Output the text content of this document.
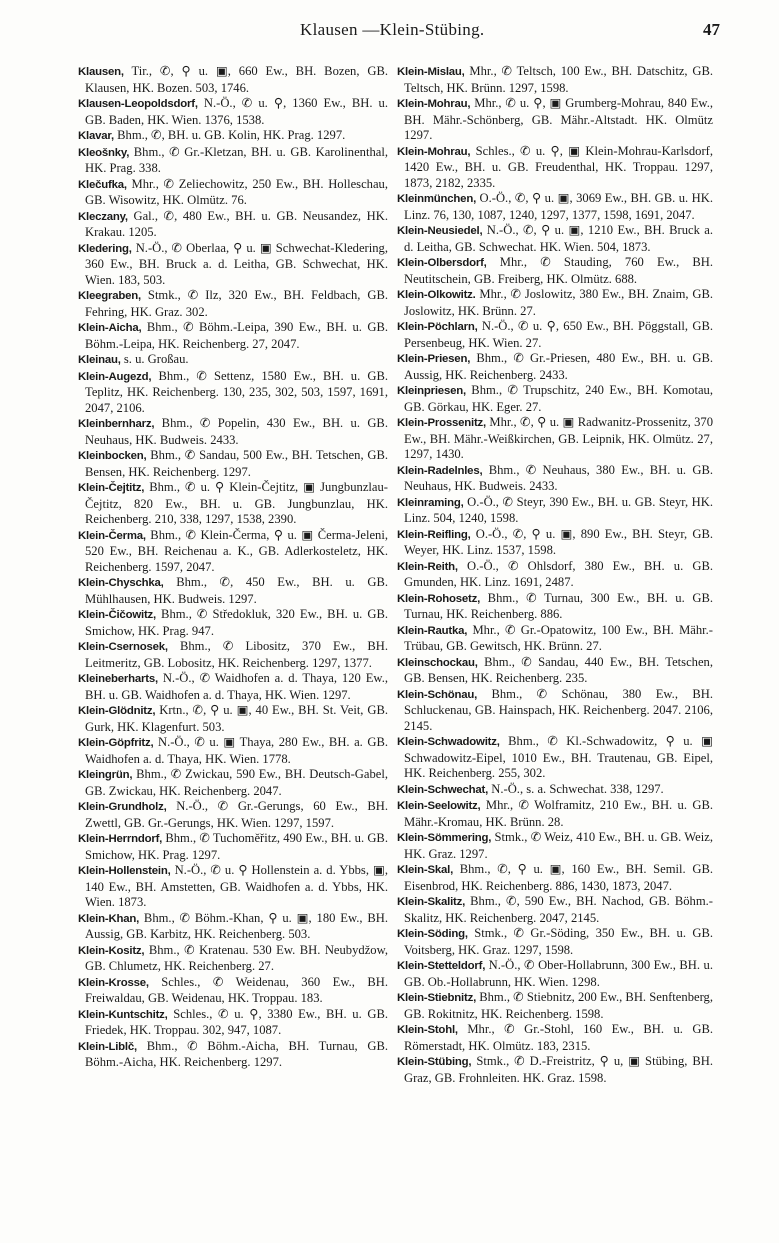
Klausen —Klein-Stübing.	47

Klausen, Tir., ✆, ⚲ u. ▣, 660 Ew., BH. Bozen, GB. Klausen, HK. Bozen. 503, 1746.

Klausen-Leopoldsdorf, N.-Ö., ✆ u. ⚲, 1360 Ew., BH. u. GB. Baden, HK. Wien. 1376, 1538.

Klavar, Bhm., ✆, BH. u. GB. Kolin, HK. Prag. 1297.

Kleošnky, Bhm., ✆ Gr.-Kletzan, BH. u. GB. Karolinenthal, HK. Prag. 338.

Klečufka, Mhr., ✆ Zeliechowitz, 250 Ew., BH. Holleschau, GB. Wisowitz, HK. Olmütz. 76.

Kleczany, Gal., ✆, 480 Ew., BH. u. GB. Neusandez, HK. Krakau. 1205.

Kledering, N.-Ö., ✆ Oberlaa, ⚲ u. ▣ Schwechat-Kledering, 360 Ew., BH. Bruck a. d. Leitha, GB. Schwechat, HK. Wien. 183, 503.

Kleegraben, Stmk., ✆ Ilz, 320 Ew., BH. Feldbach, GB. Fehring, HK. Graz. 302.

Klein-Aicha, Bhm., ✆ Böhm.-Leipa, 390 Ew., BH. u. GB. Böhm.-Leipa, HK. Reichenberg. 27, 2047.

Kleinau, s. u. Großau.

Klein-Augezd, Bhm., ✆ Settenz, 1580 Ew., BH. u. GB. Teplitz, HK. Reichenberg. 130, 235, 302, 503, 1597, 1691, 2047, 2106.

Kleinbernharz, Bhm., ✆ Popelin, 430 Ew., BH. u. GB. Neuhaus, HK. Budweis. 2433.

Kleinbocken, Bhm., ✆ Sandau, 500 Ew., BH. Tetschen, GB. Bensen, HK. Reichenberg. 1297.

Klein-Čejtitz, Bhm., ✆ u. ⚲ Klein-Čejtitz, ▣ Jungbunzlau-Čejtitz, 820 Ew., BH. u. GB. Jungbunzlau, HK. Reichenberg. 210, 338, 1297, 1538, 2390.

Klein-Čerma, Bhm., ✆ Klein-Čerma, ⚲ u. ▣ Čerma-Jeleni, 520 Ew., BH. Reichenau a. K., GB. Adlerkosteletz, HK. Reichenberg. 1597, 2047.

Klein-Chyschka, Bhm., ✆, 450 Ew., BH. u. GB. Mühlhausen, HK. Budweis. 1297.

Klein-Čičowitz, Bhm., ✆ Středokluk, 320 Ew., BH. u. GB. Smichow, HK. Prag. 947.

Klein-Csernosek, Bhm., ✆ Libositz, 370 Ew., BH. Leitmeritz, GB. Lobositz, HK. Reichenberg. 1297, 1377.

Kleineberharts, N.-Ö., ✆ Waidhofen a. d. Thaya, 120 Ew., BH. u. GB. Waidhofen a. d. Thaya, HK. Wien. 1297.

Klein-Glödnitz, Krtn., ✆, ⚲ u. ▣, 40 Ew., BH. St. Veit, GB. Gurk, HK. Klagenfurt. 503.

Klein-Göpfritz, N.-Ö., ✆ u. ▣ Thaya, 280 Ew., BH. a. GB. Waidhofen a. d. Thaya, HK. Wien. 1778.

Kleingrün, Bhm., ✆ Zwickau, 590 Ew., BH. Deutsch-Gabel, GB. Zwickau, HK. Reichenberg. 2047.

Klein-Grundholz, N.-Ö., ✆ Gr.-Gerungs, 60 Ew., BH. Zwettl, GB. Gr.-Gerungs, HK. Wien. 1297, 1597.

Klein-Herrndorf, Bhm., ✆ Tuchoměřitz, 490 Ew., BH. u. GB. Smichow, HK. Prag. 1297.

Klein-Hollenstein, N.-Ö., ✆ u. ⚲ Hollenstein a. d. Ybbs, ▣, 140 Ew., BH. Amstetten, GB. Waidhofen a. d. Ybbs, HK. Wien. 1873.

Klein-Khan, Bhm., ✆ Böhm.-Khan, ⚲ u. ▣, 180 Ew., BH. Aussig, GB. Karbitz, HK. Reichenberg. 503.

Klein-Kositz, Bhm., ✆ Kratenau. 530 Ew. BH. Neubydžow, GB. Chlumetz, HK. Reichenberg. 27.

Klein-Krosse, Schles., ✆ Weidenau, 360 Ew., BH. Freiwaldau, GB. Weidenau, HK. Troppau. 183.

Klein-Kuntschitz, Schles., ✆ u. ⚲, 3380 Ew., BH. u. GB. Friedek, HK. Troppau. 302, 947, 1087.

Klein-Liblč, Bhm., ✆ Böhm.-Aicha, BH. Turnau, GB. Böhm.-Aicha, HK. Reichenberg. 1297.

Klein-Mislau, Mhr., ✆ Teltsch, 100 Ew., BH. Datschitz, GB. Teltsch, HK. Brünn. 1297, 1598.

Klein-Mohrau, Mhr., ✆ u. ⚲, ▣ Grumberg-Mohrau, 840 Ew., BH. Mähr.-Schönberg, GB. Mähr.-Altstadt. HK. Olmütz 1297.

Klein-Mohrau, Schles., ✆ u. ⚲, ▣ Klein-Mohrau-Karlsdorf, 1420 Ew., BH. u. GB. Freudenthal, HK. Troppau. 1297, 1873, 2182, 2335.

Kleinmünchen, O.-Ö., ✆, ⚲ u. ▣, 3069 Ew., BH. GB. u. HK. Linz. 76, 130, 1087, 1240, 1297, 1377, 1598, 1691, 2047.

Klein-Neusiedel, N.-Ö., ✆, ⚲ u. ▣, 1210 Ew., BH. Bruck a. d. Leitha, GB. Schwechat. HK. Wien. 504, 1873.

Klein-Olbersdorf, Mhr., ✆ Stauding, 760 Ew., BH. Neutitschein, GB. Freiberg, HK. Olmütz. 688.

Klein-Olkowitz. Mhr., ✆ Joslowitz, 380 Ew., BH. Znaim, GB. Joslowitz, HK. Brünn. 27.

Klein-Pöchlarn, N.-Ö., ✆ u. ⚲, 650 Ew., BH. Pöggstall, GB. Persenbeug, HK. Wien. 27.

Klein-Priesen, Bhm., ✆ Gr.-Priesen, 480 Ew., BH. u. GB. Aussig, HK. Reichenberg. 2433.

Kleinpriesen, Bhm., ✆ Trupschitz, 240 Ew., BH. Komotau, GB. Görkau, HK. Eger. 27.

Klein-Prossenitz, Mhr., ✆, ⚲ u. ▣ Radwanitz-Prossenitz, 370 Ew., BH. Mähr.-Weißkirchen, GB. Leipnik, HK. Olmütz. 27, 1297, 1430.

Klein-Radelnles, Bhm., ✆ Neuhaus, 380 Ew., BH. u. GB. Neuhaus, HK. Budweis. 2433.

Kleinraming, O.-Ö., ✆ Steyr, 390 Ew., BH. u. GB. Steyr, HK. Linz. 504, 1240, 1598.

Klein-Reifling, O.-Ö., ✆, ⚲ u. ▣, 890 Ew., BH. Steyr, GB. Weyer, HK. Linz. 1537, 1598.

Klein-Reith, O.-Ö., ✆ Ohlsdorf, 380 Ew., BH. u. GB. Gmunden, HK. Linz. 1691, 2487.

Klein-Rohosetz, Bhm., ✆ Turnau, 300 Ew., BH. u. GB. Turnau, HK. Reichenberg. 886.

Klein-Rautka, Mhr., ✆ Gr.-Opatowitz, 100 Ew., BH. Mähr.-Trübau, GB. Gewitsch, HK. Brünn. 27.

Kleinschockau, Bhm., ✆ Sandau, 440 Ew., BH. Tetschen, GB. Bensen, HK. Reichenberg. 235.

Klein-Schönau, Bhm., ✆ Schönau, 380 Ew., BH. Schluckenau, GB. Hainspach, HK. Reichenberg. 2047. 2106, 2145.

Klein-Schwadowitz, Bhm., ✆ Kl.-Schwadowitz, ⚲ u. ▣ Schwadowitz-Eipel, 1010 Ew., BH. Trautenau, GB. Eipel, HK. Reichenberg. 255, 302.

Klein-Schwechat, N.-Ö., s. a. Schwechat. 338, 1297.

Klein-Seelowitz, Mhr., ✆ Wolframitz, 210 Ew., BH. u. GB. Mähr.-Kromau, HK. Brünn. 28.

Klein-Sömmering, Stmk., ✆ Weiz, 410 Ew., BH. u. GB. Weiz, HK. Graz. 1297.

Klein-Skal, Bhm., ✆, ⚲ u. ▣, 160 Ew., BH. Semil. GB. Eisenbrod, HK. Reichenberg. 886, 1430, 1873, 2047.

Klein-Skalitz, Bhm., ✆, 590 Ew., BH. Nachod, GB. Böhm.-Skalitz, HK. Reichenberg. 2047, 2145.

Klein-Söding, Stmk., ✆ Gr.-Söding, 350 Ew., BH. u. GB. Voitsberg, HK. Graz. 1297, 1598.

Klein-Stetteldorf, N.-Ö., ✆ Ober-Hollabrunn, 300 Ew., BH. u. GB. Ob.-Hollabrunn, HK. Wien. 1298.

Klein-Stiebnitz, Bhm., ✆ Stiebnitz, 200 Ew., BH. Senftenberg, GB. Rokitnitz, HK. Reichenberg. 1598.

Klein-Stohl, Mhr., ✆ Gr.-Stohl, 160 Ew., BH. u. GB. Römerstadt, HK. Olmütz. 183, 2315.

Klein-Stübing, Stmk., ✆ D.-Freistritz, ⚲ u, ▣ Stübing, BH. Graz, GB. Frohnleiten. HK. Graz. 1598.
